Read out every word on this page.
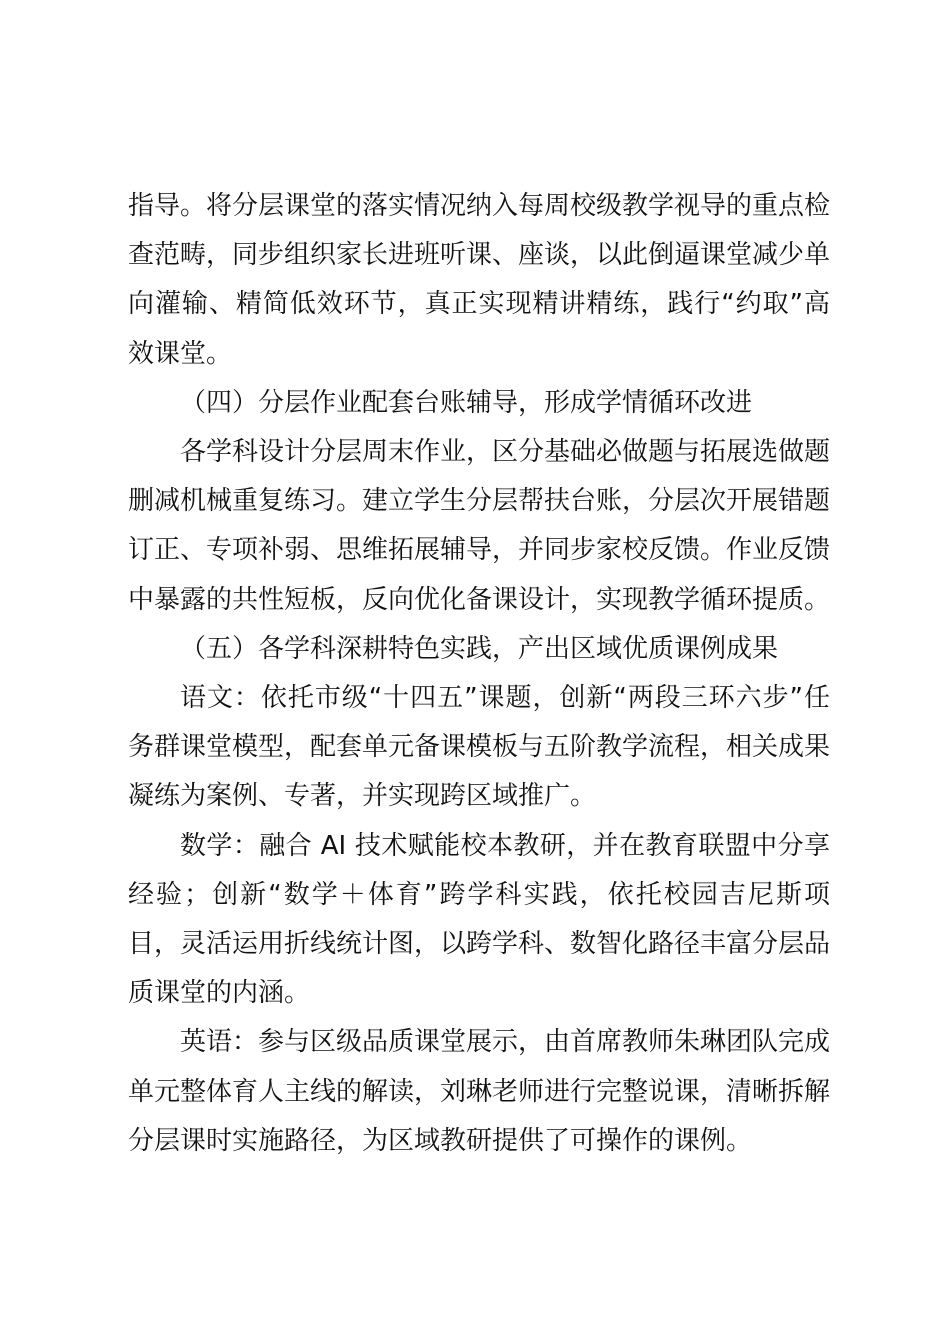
指导。将分层课堂的落实情况纳入每周校级教学视导的重点检查范畴，同步组织家长进班听课、座谈，以此倒逼课堂减少单向灌输、精简低效环节，真正实现精讲精练，践行“约取”高效课堂。

（四）分层作业配套台账辅导，形成学情循环改进

各学科设计分层周末作业，区分基础必做题与拓展选做题删减机械重复练习。建立学生分层帮扶台账，分层次开展错题订正、专项补弱、思维拓展辅导，并同步家校反馈。作业反馈中暴露的共性短板，反向优化备课设计，实现教学循环提质。

（五）各学科深耕特色实践，产出区域优质课例成果

语文：依托市级“十四五”课题，创新“两段三环六步”任务群课堂模型，配套单元备课模板与五阶教学流程，相关成果凝练为案例、专著，并实现跨区域推广。

数学：融合 AI 技术赋能校本教研，并在教育联盟中分享经验；创新“数学＋体育”跨学科实践，依托校园吉尼斯项目，灵活运用折线统计图，以跨学科、数智化路径丰富分层品质课堂的内涵。

英语：参与区级品质课堂展示，由首席教师朱琳团队完成单元整体育人主线的解读，刘琳老师进行完整说课，清晰拆解分层课时实施路径，为区域教研提供了可操作的课例。
